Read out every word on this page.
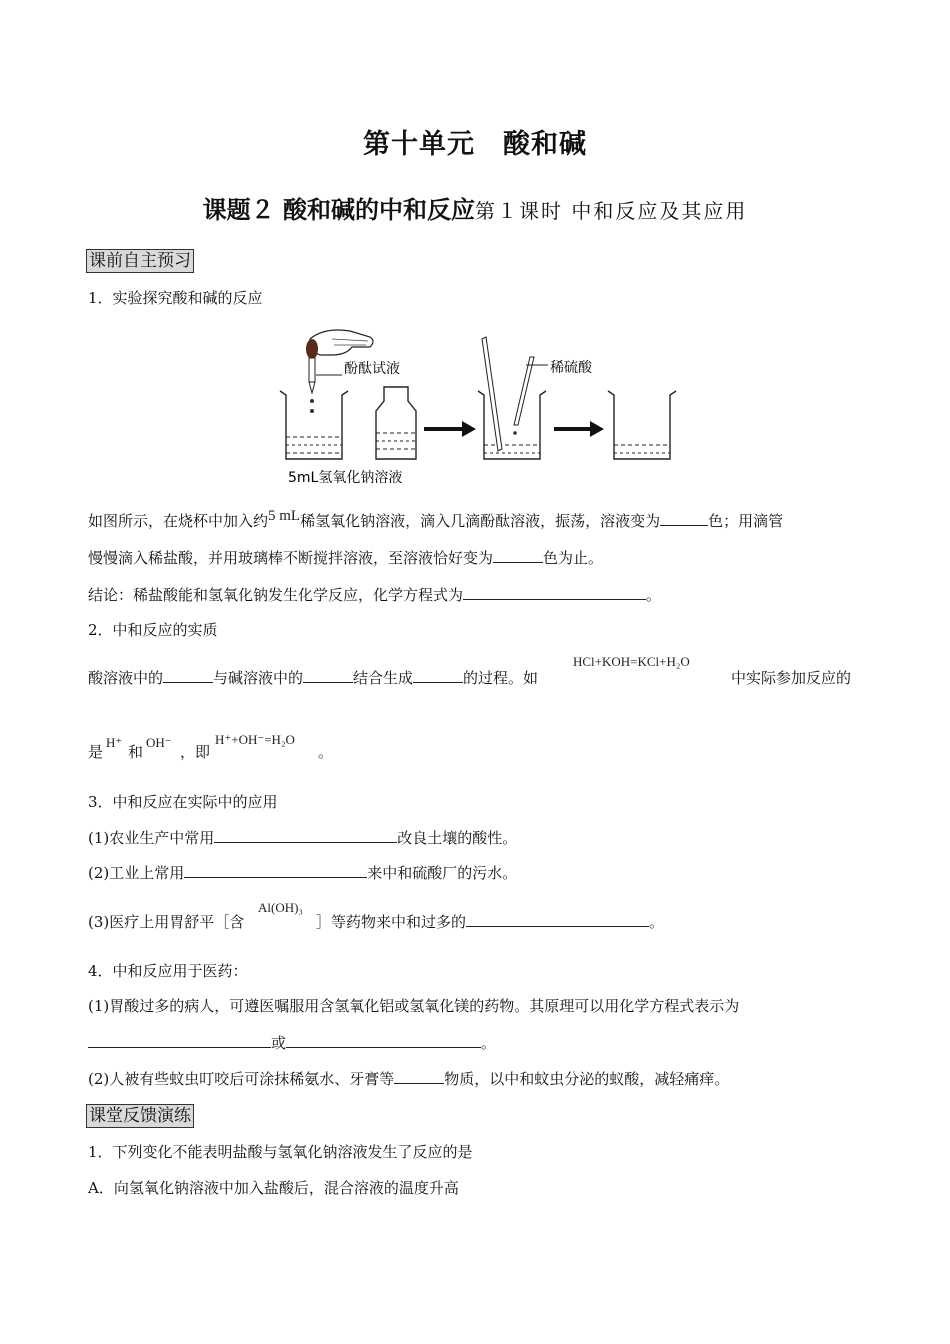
第十单元　酸和碱
课题２ 酸和碱的中和反应第１课时 中和反应及其应用
课前自主预习
1．实验探究酸和碱的反应
酚酞试液
5mL氢氧化钠溶液
稀硫酸
如图所示，在烧杯中加入约5 mL稀氢氧化钠溶液，滴入几滴酚酞溶液，振荡，溶液变为	色；用滴管
慢慢滴入稀盐酸，并用玻璃棒不断搅拌溶液，至溶液恰好变为	色为止。
结论：稀盐酸能和氢氧化钠发生化学反应，化学方程式为	。
2．中和反应的实质
HCl+KOH=KCl+H₂O
酸溶液中的	与碱溶液中的	结合生成	的过程。如	中实际参加反应的
是
H⁺
和
OH⁻
，即
H⁺+OH⁻=H₂O
。
3．中和反应在实际中的应用
(1)农业生产中常用	改良土壤的酸性。
(2)工业上常用	来中和硫酸厂的污水。
Al(OH)₃
(3)医疗上用胃舒平［含	］等药物来中和过多的	。
4．中和反应用于医药：
(1)胃酸过多的病人，可遵医嘱服用含氢氧化铝或氢氧化镁的药物。其原理可以用化学方程式表示为
或	。
(2)人被有些蚊虫叮咬后可涂抹稀氨水、牙膏等	物质，以中和蚊虫分泌的蚁酸，减轻痛痒。
课堂反馈演练
1．下列变化不能表明盐酸与氢氧化钠溶液发生了反应的是
A．向氢氧化钠溶液中加入盐酸后，混合溶液的温度升高
